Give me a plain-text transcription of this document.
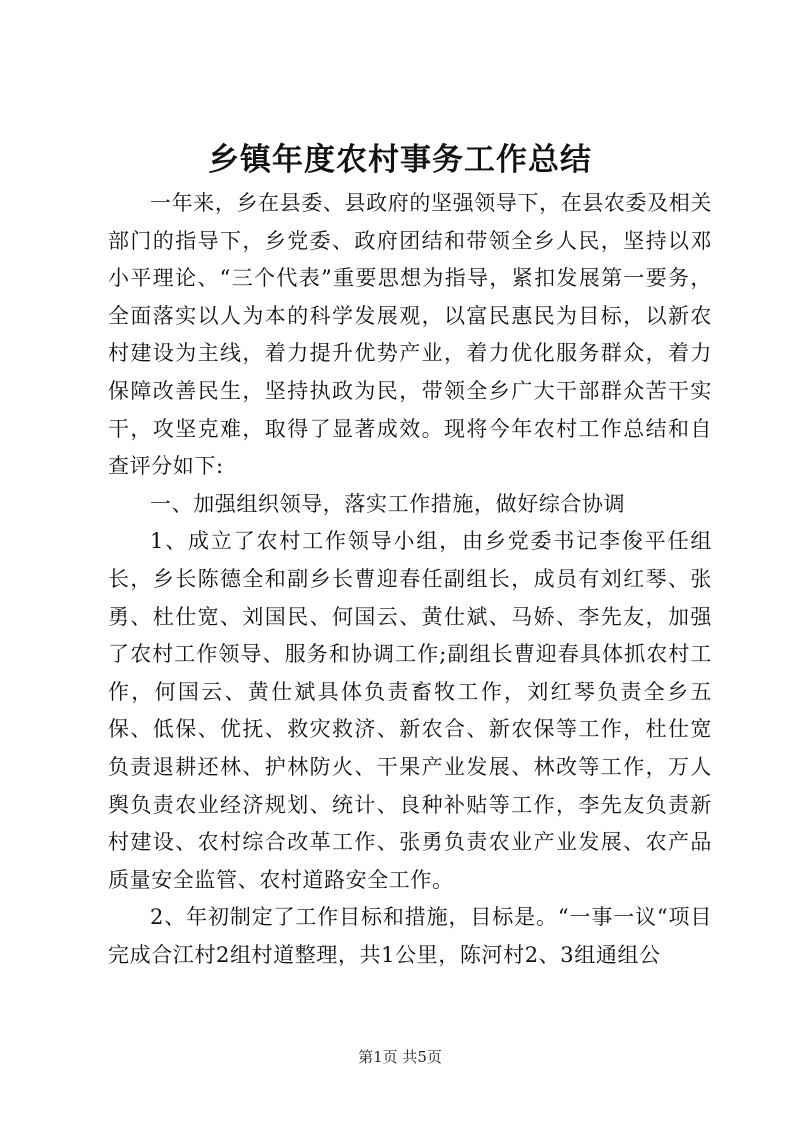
乡镇年度农村事务工作总结

一年来，乡在县委、县政府的坚强领导下，在县农委及相关部门的指导下，乡党委、政府团结和带领全乡人民，坚持以邓小平理论、“三个代表”重要思想为指导，紧扣发展第一要务，全面落实以人为本的科学发展观，以富民惠民为目标，以新农村建设为主线，着力提升优势产业，着力优化服务群众，着力保障改善民生，坚持执政为民，带领全乡广大干部群众苦干实干，攻坚克难，取得了显著成效。现将今年农村工作总结和自查评分如下:

一、加强组织领导，落实工作措施，做好综合协调

1、成立了农村工作领导小组，由乡党委书记李俊平任组长，乡长陈德全和副乡长曹迎春任副组长，成员有刘红琴、张勇、杜仕宽、刘国民、何国云、黄仕斌、马娇、李先友，加强了农村工作领导、服务和协调工作;副组长曹迎春具体抓农村工作，何国云、黄仕斌具体负责畜牧工作，刘红琴负责全乡五保、低保、优抚、救灾救济、新农合、新农保等工作，杜仕宽负责退耕还林、护林防火、干果产业发展、林改等工作，万人舆负责农业经济规划、统计、良种补贴等工作，李先友负责新村建设、农村综合改革工作、张勇负责农业产业发展、农产品质量安全监管、农村道路安全工作。

2、年初制定了工作目标和措施，目标是。“一事一议“项目完成合江村2组村道整理，共1公里，陈河村2、3组通组公

第1页 共5页
